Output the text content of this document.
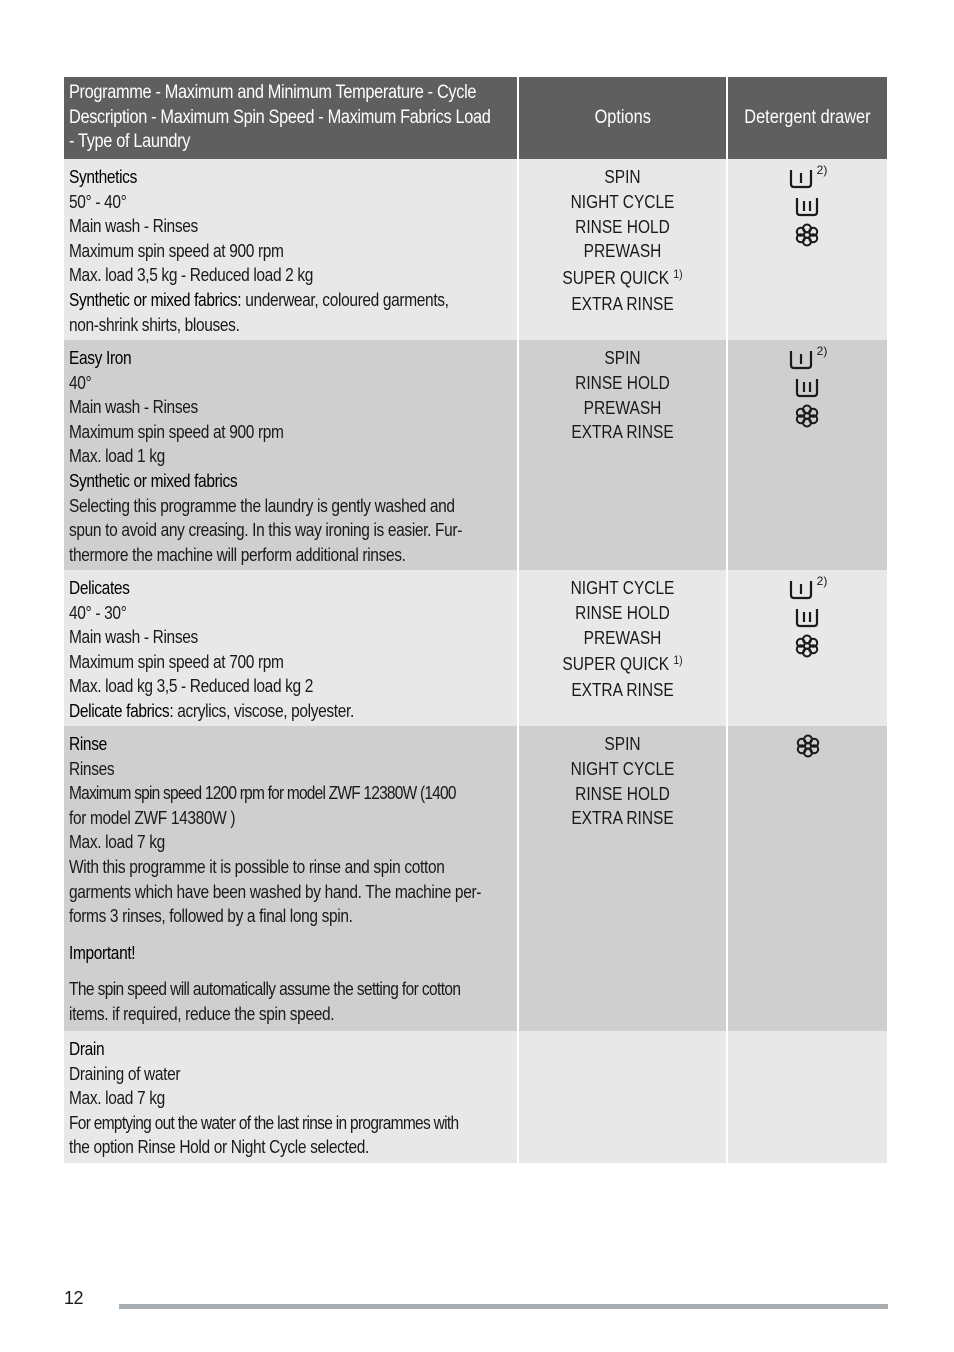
Programme - Maximum and Minimum Temperature - Cycle
Description - Maximum Spin Speed - Maximum Fabrics Load
- Type of Laundry
Options	Detergent drawer
Synthetics
50° - 40°
Main wash - Rinses
Maximum spin speed at 900 rpm
Max. load 3,5 kg - Reduced load 2 kg
Synthetic or mixed fabrics: underwear, coloured garments,
non-shrink shirts, blouses.
SPIN
NIGHT CYCLE
RINSE HOLD
PREWASH
SUPER QUICK $^{1)}$
EXTRA RINSE
2)
Easy Iron
40°
Main wash - Rinses
Maximum spin speed at 900 rpm
Max. load 1 kg
Synthetic or mixed fabrics
Selecting this programme the laundry is gently washed and
spun to avoid any creasing. In this way ironing is easier. Fur-
thermore the machine will perform additional rinses.
SPIN
RINSE HOLD
PREWASH
EXTRA RINSE
2)
Delicates
40° - 30°
Main wash - Rinses
Maximum spin speed at 700 rpm
Max. load kg 3,5 - Reduced load kg 2
Delicate fabrics: acrylics, viscose, polyester.
NIGHT CYCLE
RINSE HOLD
PREWASH
SUPER QUICK $^{1)}$
EXTRA RINSE
2)
Rinse
Rinses
Maximum spin speed 1200 rpm for model ZWF 12380W (1400
for model ZWF 14380W )
Max. load 7 kg
With this programme it is possible to rinse and spin cotton
garments which have been washed by hand. The machine per-
forms 3 rinses, followed by a final long spin.
Important!
The spin speed will automatically assume the setting for cotton
items. if required, reduce the spin speed.
SPIN
NIGHT CYCLE
RINSE HOLD
EXTRA RINSE
Drain
Draining of water
Max. load 7 kg
For emptying out the water of the last rinse in programmes with
the option Rinse Hold or Night Cycle selected.
12
